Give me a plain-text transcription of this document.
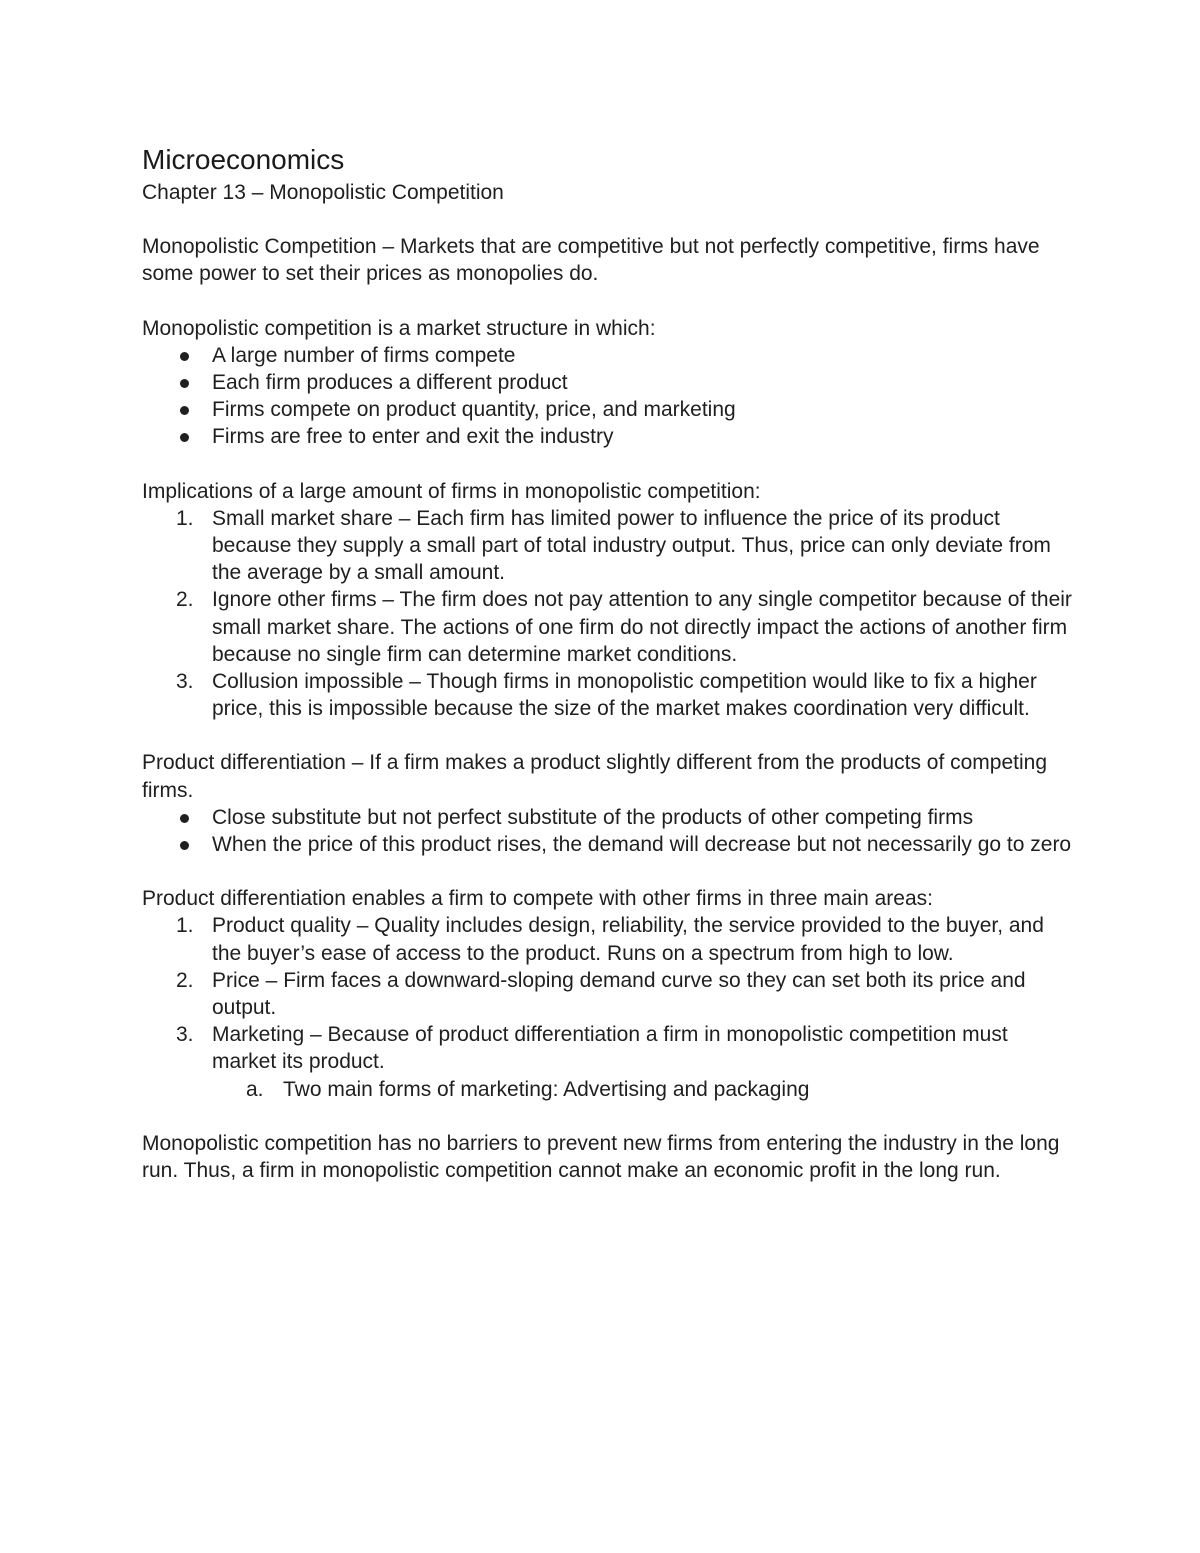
Microeconomics

Chapter 13 – Monopolistic Competition

Monopolistic Competition – Markets that are competitive but not perfectly competitive, firms have some power to set their prices as monopolies do.

Monopolistic competition is a market structure in which:

A large number of firms compete
Each firm produces a different product
Firms compete on product quantity, price, and marketing
Firms are free to enter and exit the industry

Implications of a large amount of firms in monopolistic competition:

1. Small market share – Each firm has limited power to influence the price of its product because they supply a small part of total industry output. Thus, price can only deviate from the average by a small amount.
2. Ignore other firms – The firm does not pay attention to any single competitor because of their small market share. The actions of one firm do not directly impact the actions of another firm because no single firm can determine market conditions.
3. Collusion impossible – Though firms in monopolistic competition would like to fix a higher price, this is impossible because the size of the market makes coordination very difficult.

Product differentiation – If a firm makes a product slightly different from the products of competing firms.

Close substitute but not perfect substitute of the products of other competing firms
When the price of this product rises, the demand will decrease but not necessarily go to zero

Product differentiation enables a firm to compete with other firms in three main areas:

1. Product quality – Quality includes design, reliability, the service provided to the buyer, and the buyer’s ease of access to the product. Runs on a spectrum from high to low.
2. Price – Firm faces a downward-sloping demand curve so they can set both its price and output.
3. Marketing – Because of product differentiation a firm in monopolistic competition must market its product.
a. Two main forms of marketing: Advertising and packaging

Monopolistic competition has no barriers to prevent new firms from entering the industry in the long run. Thus, a firm in monopolistic competition cannot make an economic profit in the long run.
